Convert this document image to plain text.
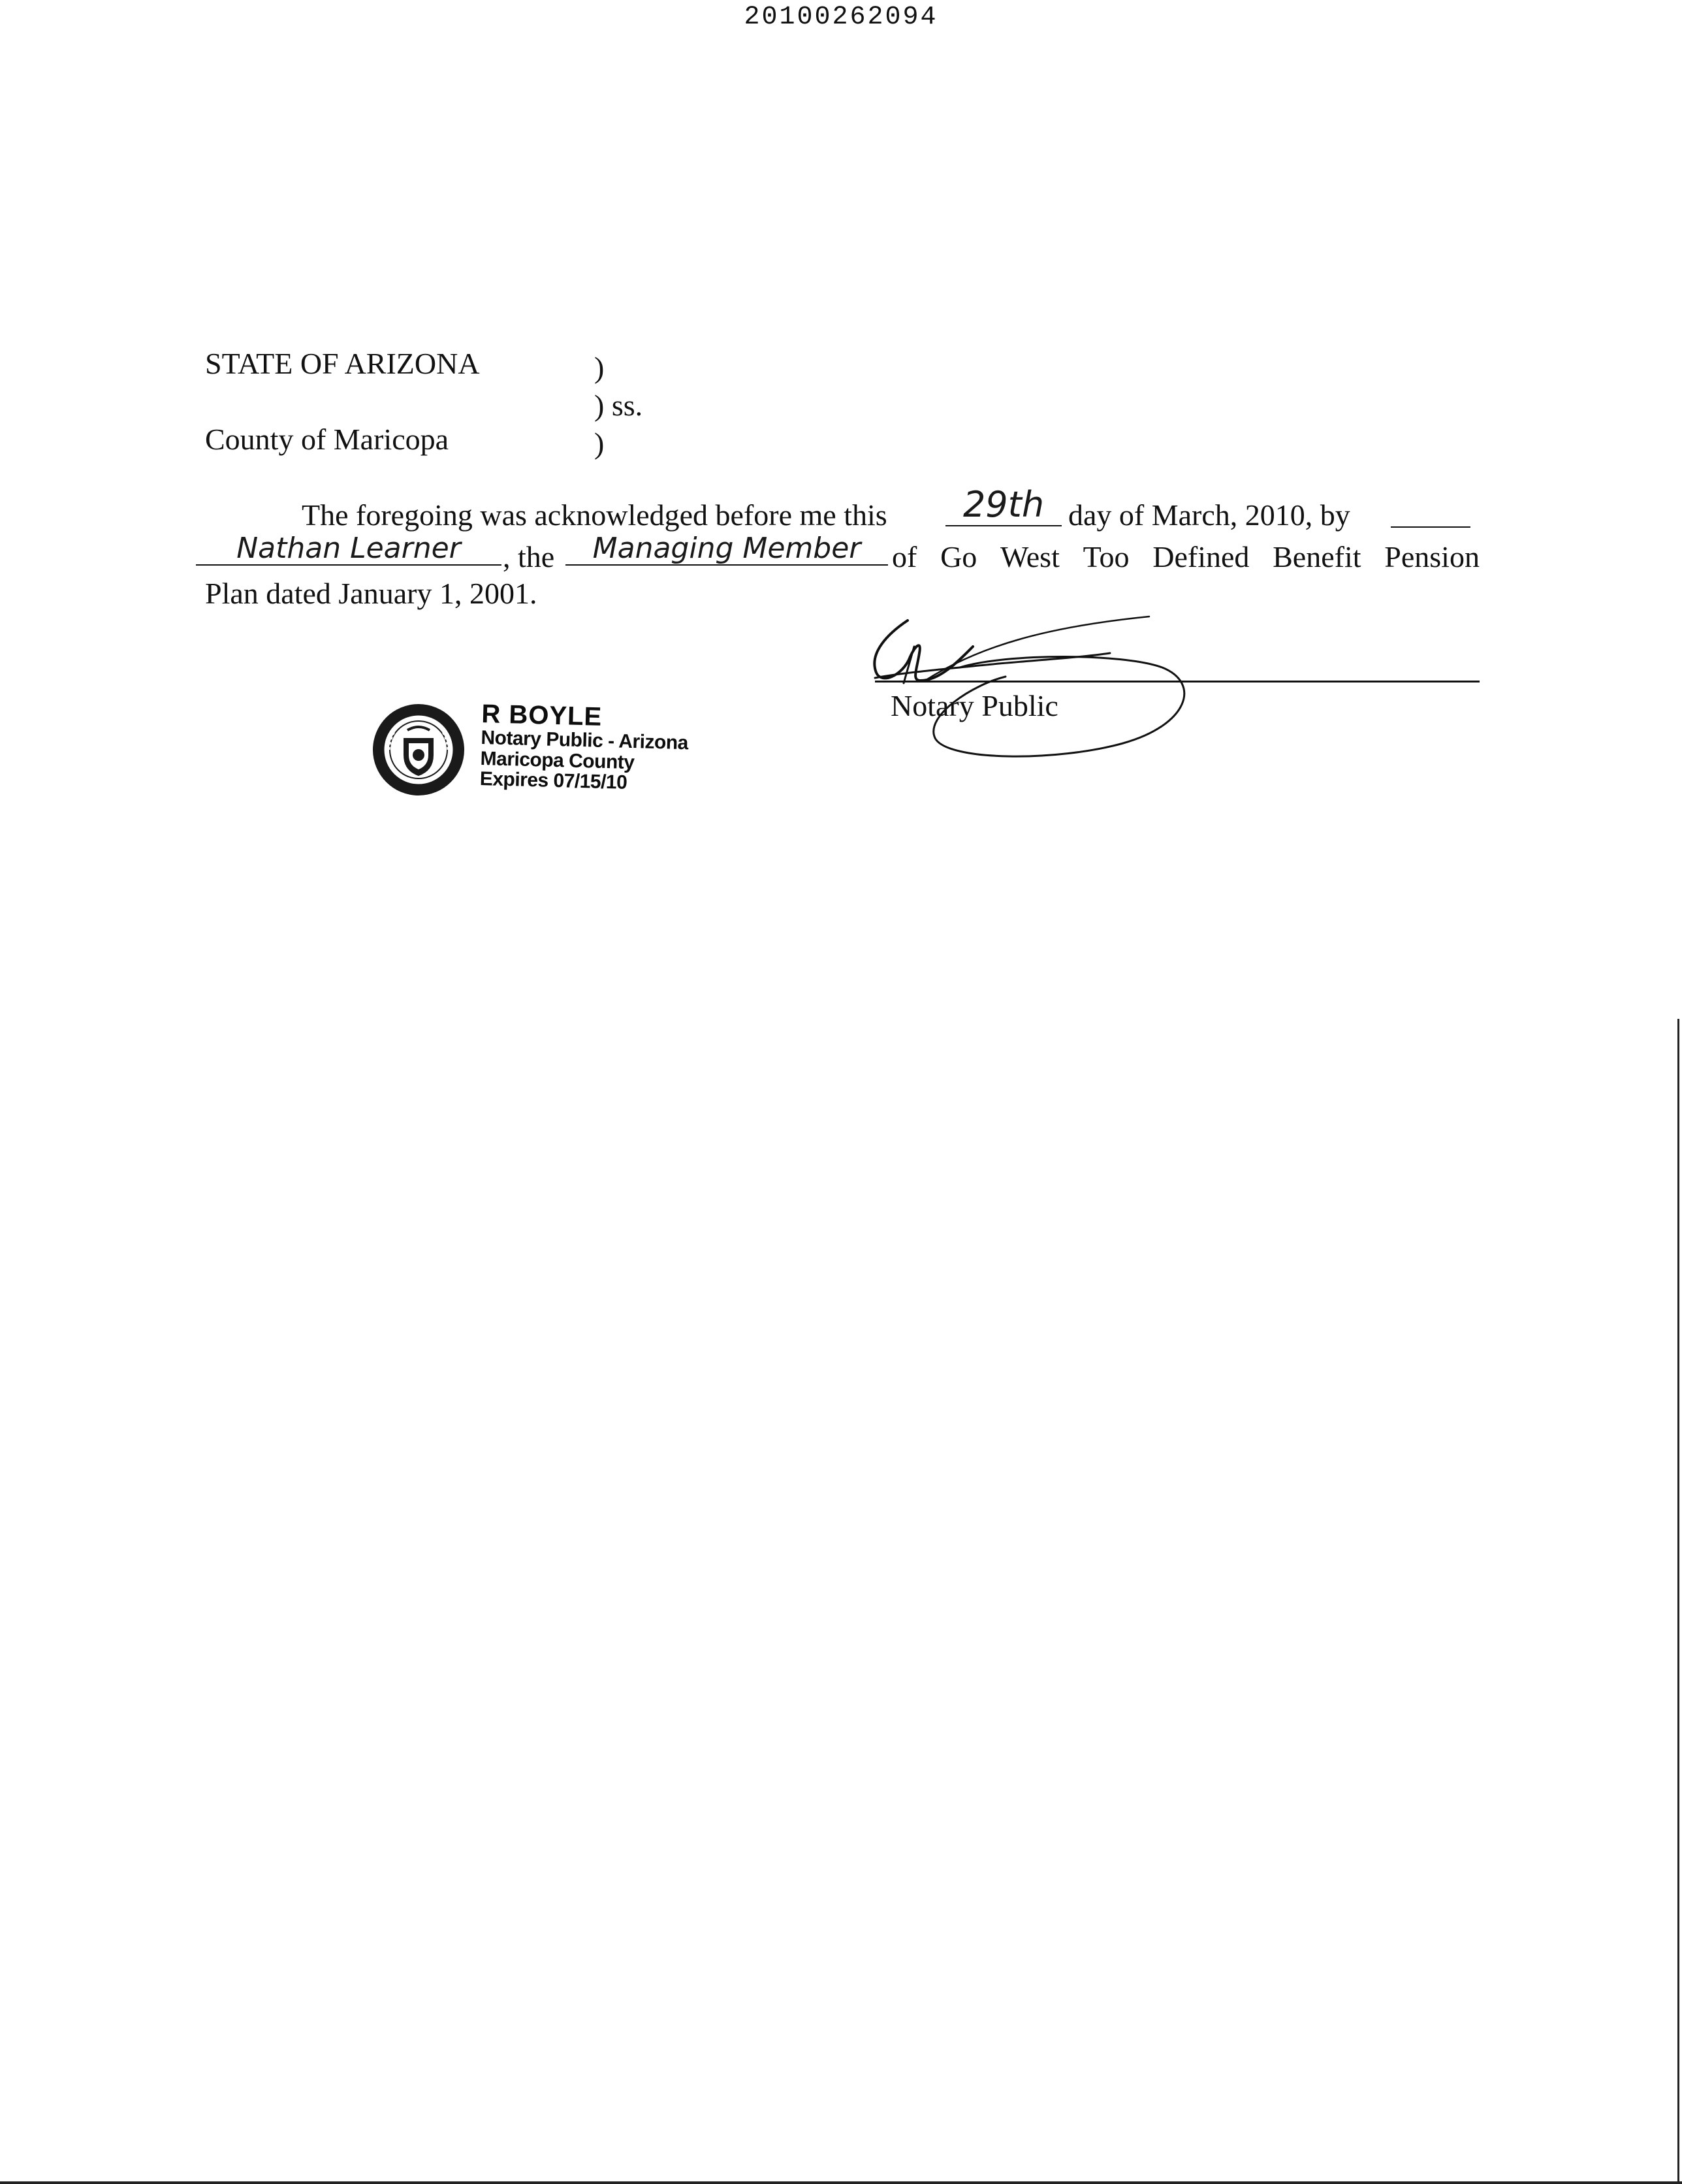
20100262094
STATE OF ARIZONA	)
) ss.
County of Maricopa	)
The foregoing was acknowledged before me this	29th day of March, 2010, by
Nathan Learner	, the	Managing Member	of Go West Too Defined Benefit Pension
Plan dated January 1, 2001.
R BOYLE
Notary Public - Arizona
Maricopa County
Expires 07/15/10
Notary Public
